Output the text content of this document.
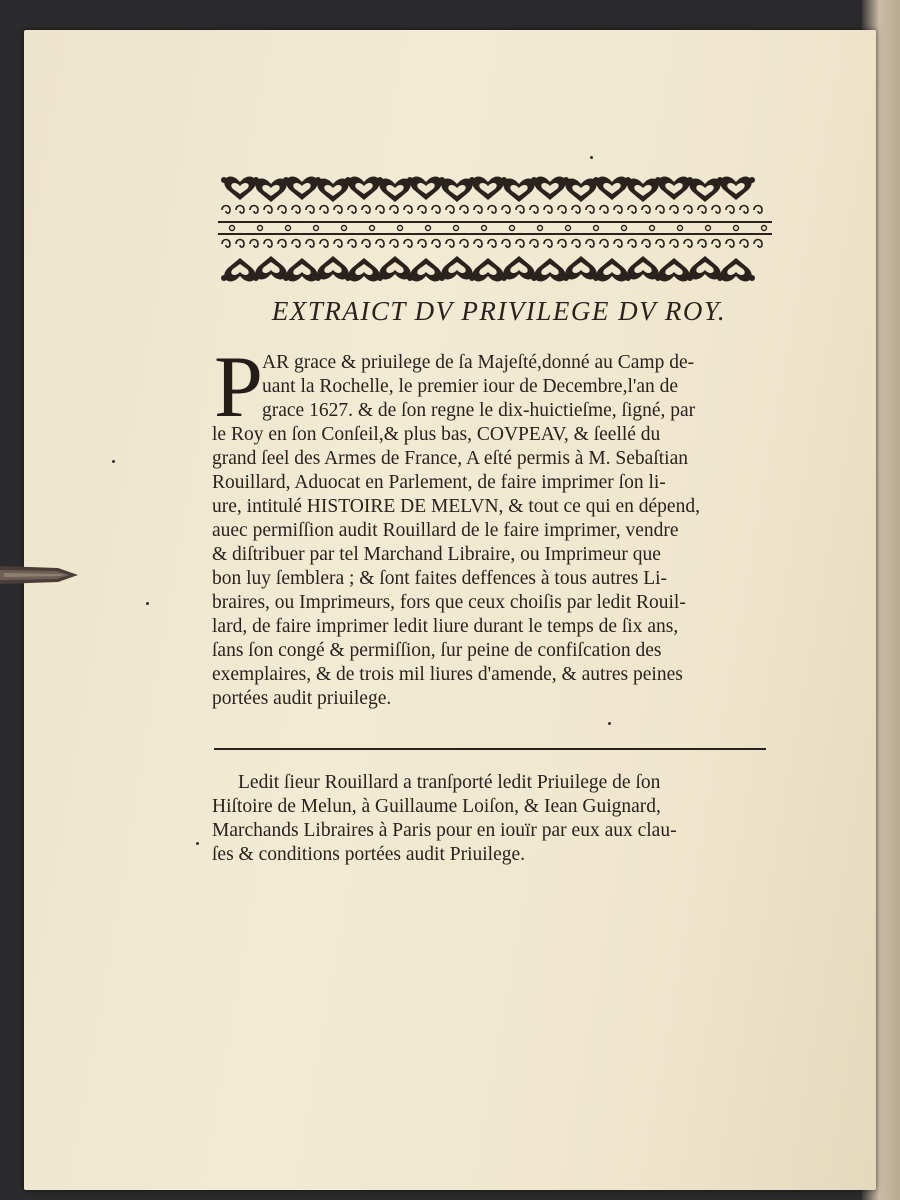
EXTRAICT DV PRIVILEGE DV ROY.
P AR grace & priuilege de ſa Majeſté,donné au Camp de-
uant la Rochelle, le premier iour de Decembre,l'an de
grace 1627. & de ſon regne le dix-huictieſme, ſigné, par
le Roy en ſon Conſeil,& plus bas, COVPEAV, & ſeellé du
grand ſeel des Armes de France, A eſté permis à M. Sebaſtian
Rouillard, Aduocat en Parlement, de faire imprimer ſon li-
ure, intitulé HISTOIRE DE MELVN, & tout ce qui en dépend,
auec permiſſion audit Rouillard de le faire imprimer, vendre
& diſtribuer par tel Marchand Libraire, ou Imprimeur que
bon luy ſemblera ; & ſont faites deffences à tous autres Li-
braires, ou Imprimeurs, fors que ceux choiſis par ledit Rouil-
lard, de faire imprimer ledit liure durant le temps de ſix ans,
ſans ſon congé & permiſſion, ſur peine de confiſcation des
exemplaires, & de trois mil liures d'amende, & autres peines
portées audit priuilege.
Ledit ſieur Rouillard a tranſporté ledit Priuilege de ſon
Hiſtoire de Melun, à Guillaume Loiſon, & Iean Guignard,
Marchands Libraires à Paris pour en iouïr par eux aux clau-
ſes & conditions portées audit Priuilege.
